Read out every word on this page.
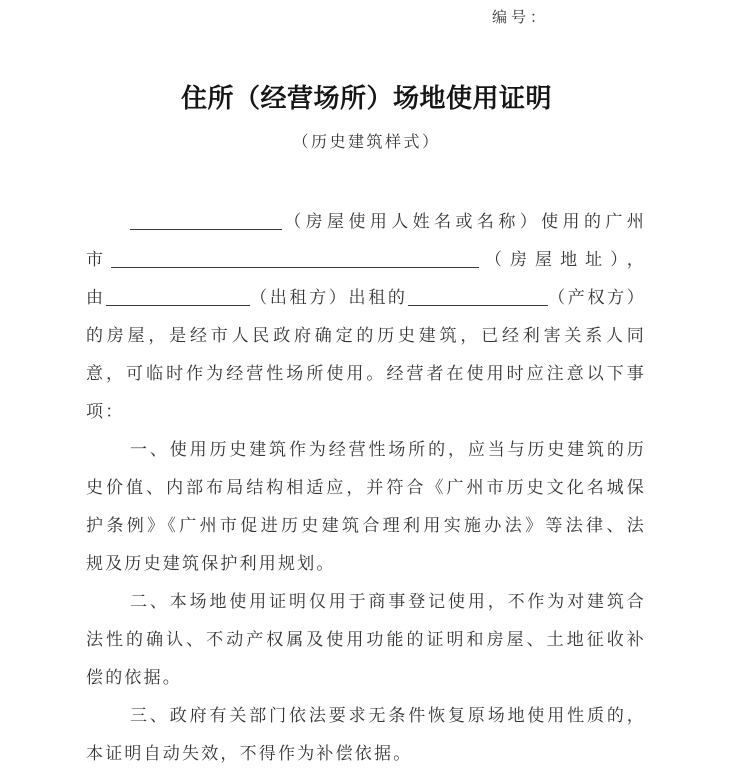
编号：
住所（经营场所）场地使用证明
（历史建筑样式）
（房屋使用人姓名或名称）使用的广州
市	（房屋地址），
由	（出租方）出租的	（产权方）
的房屋，是经市人民政府确定的历史建筑，已经利害关系人同
意，可临时作为经营性场所使用。经营者在使用时应注意以下事
项：
一、使用历史建筑作为经营性场所的，应当与历史建筑的历
史价值、内部布局结构相适应，并符合《广州市历史文化名城保
护条例》《广州市促进历史建筑合理利用实施办法》等法律、法
规及历史建筑保护利用规划。
二、本场地使用证明仅用于商事登记使用，不作为对建筑合
法性的确认、不动产权属及使用功能的证明和房屋、土地征收补
偿的依据。
三、政府有关部门依法要求无条件恢复原场地使用性质的，
本证明自动失效，不得作为补偿依据。
